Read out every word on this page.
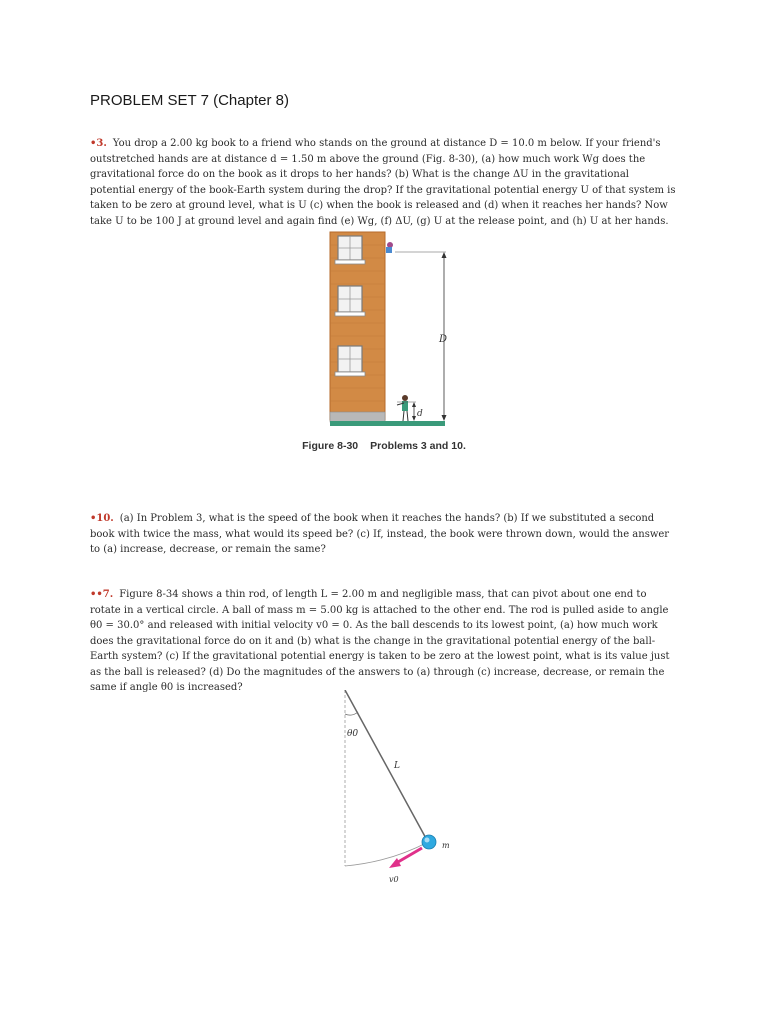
PROBLEM SET 7 (Chapter 8)
•3. You drop a 2.00 kg book to a friend who stands on the ground at distance D = 10.0 m below. If your friend's outstretched hands are at distance d = 1.50 m above the ground (Fig. 8-30), (a) how much work Wg does the gravitational force do on the book as it drops to her hands? (b) What is the change ΔU in the gravitational potential energy of the book-Earth system during the drop? If the gravitational potential energy U of that system is taken to be zero at ground level, what is U (c) when the book is released and (d) when it reaches her hands? Now take U to be 100 J at ground level and again find (e) Wg, (f) ΔU, (g) U at the release point, and (h) U at her hands.
D
d
Figure 8-30 Problems 3 and 10.
•10. (a) In Problem 3, what is the speed of the book when it reaches the hands? (b) If we substituted a second book with twice the mass, what would its speed be? (c) If, instead, the book were thrown down, would the answer to (a) increase, decrease, or remain the same?
••7. Figure 8-34 shows a thin rod, of length L = 2.00 m and negligible mass, that can pivot about one end to rotate in a vertical circle. A ball of mass m = 5.00 kg is attached to the other end. The rod is pulled aside to angle θ0 = 30.0° and released with initial velocity v0 = 0. As the ball descends to its lowest point, (a) how much work does the gravitational force do on it and (b) what is the change in the gravitational potential energy of the ball-Earth system? (c) If the gravitational potential energy is taken to be zero at the lowest point, what is its value just as the ball is released? (d) Do the magnitudes of the answers to (a) through (c) increase, decrease, or remain the same if angle θ0 is increased?
θ0
L
m
v0
